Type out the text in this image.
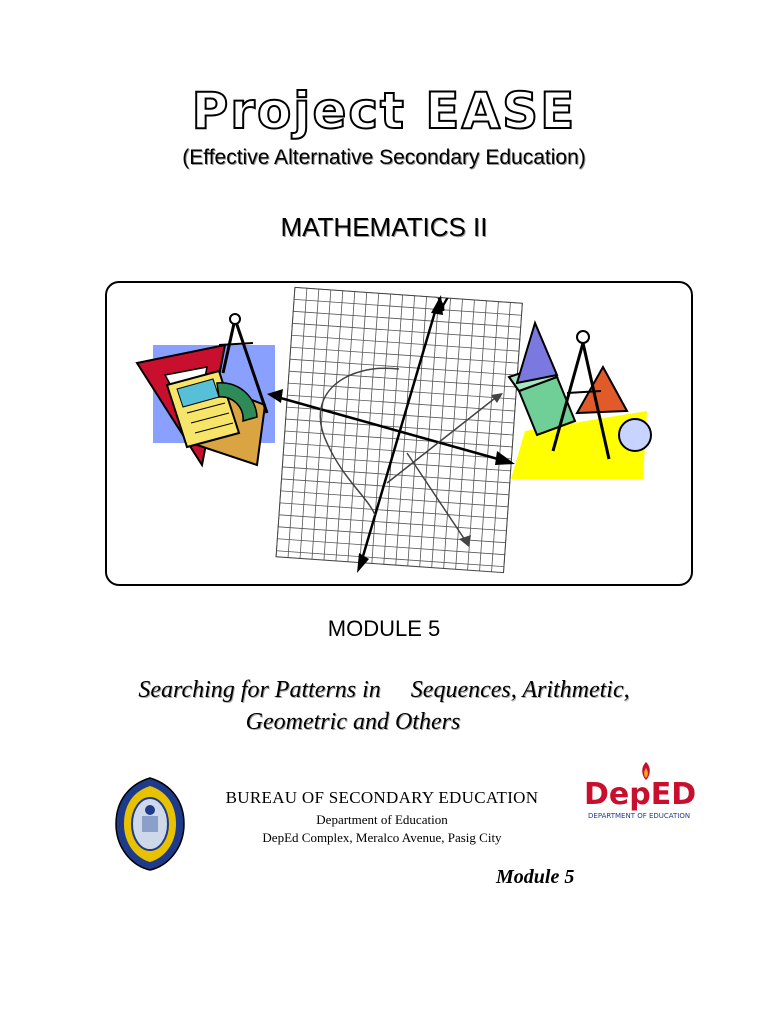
Project EASE
(Effective Alternative Secondary Education)
MATHEMATICS II
Y
MODULE 5
Searching for Patterns in     Sequences, Arithmetic,
Geometric and Others
BUREAU OF SECONDARY EDUCATION
Department of Education
DepEd Complex, Meralco Avenue, Pasig City
DepED
DEPARTMENT OF EDUCATION
Module 5
